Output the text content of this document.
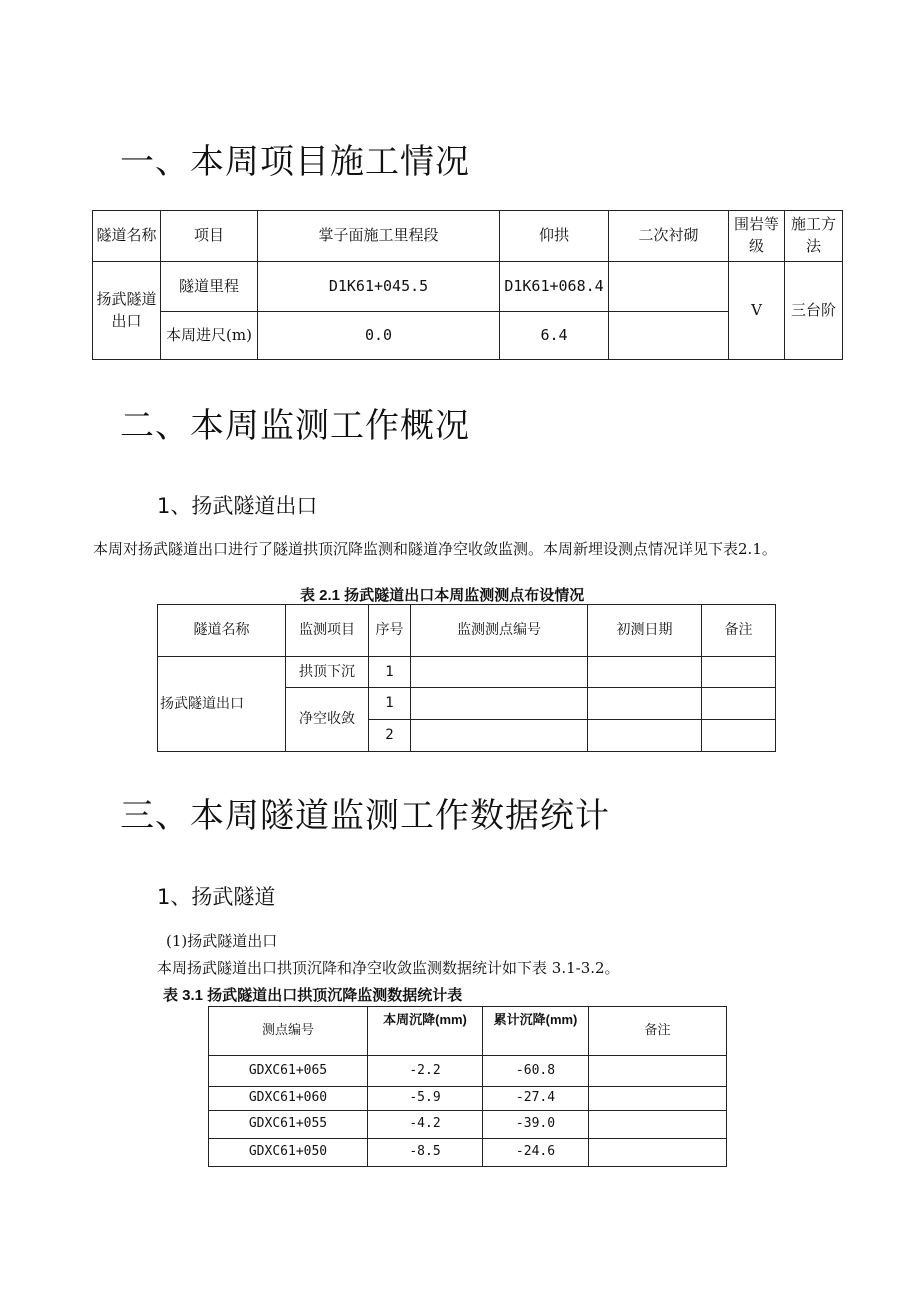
一、本周项目施工情况
隧道名称	项目	掌子面施工里程段	仰拱	二次衬砌	围岩等级	施工方法
扬武隧道出口	隧道里程	D1K61+045.5	D1K61+068.4		V	三台阶
	本周进尺(m)	0.0	6.4			
二、本周监测工作概况
1、扬武隧道出口
本周对扬武隧道出口进行了隧道拱顶沉降监测和隧道净空收敛监测。本周新埋设测点情况详见下表2.1。
表 2.1 扬武隧道出口本周监测测点布设情况
隧道名称	监测项目	序号	监测测点编号	初测日期	备注
扬武隧道出口	拱顶下沉	1			
	净空收敛	1			
		2			
三、本周隧道监测工作数据统计
1、扬武隧道
(1)扬武隧道出口
本周扬武隧道出口拱顶沉降和净空收敛监测数据统计如下表 3.1-3.2。
表 3.1 扬武隧道出口拱顶沉降监测数据统计表
测点编号	本周沉降(mm)	累计沉降(mm)	备注
GDXC61+065	-2.2	-60.8	
GDXC61+060	-5.9	-27.4	
GDXC61+055	-4.2	-39.0	
GDXC61+050	-8.5	-24.6	
